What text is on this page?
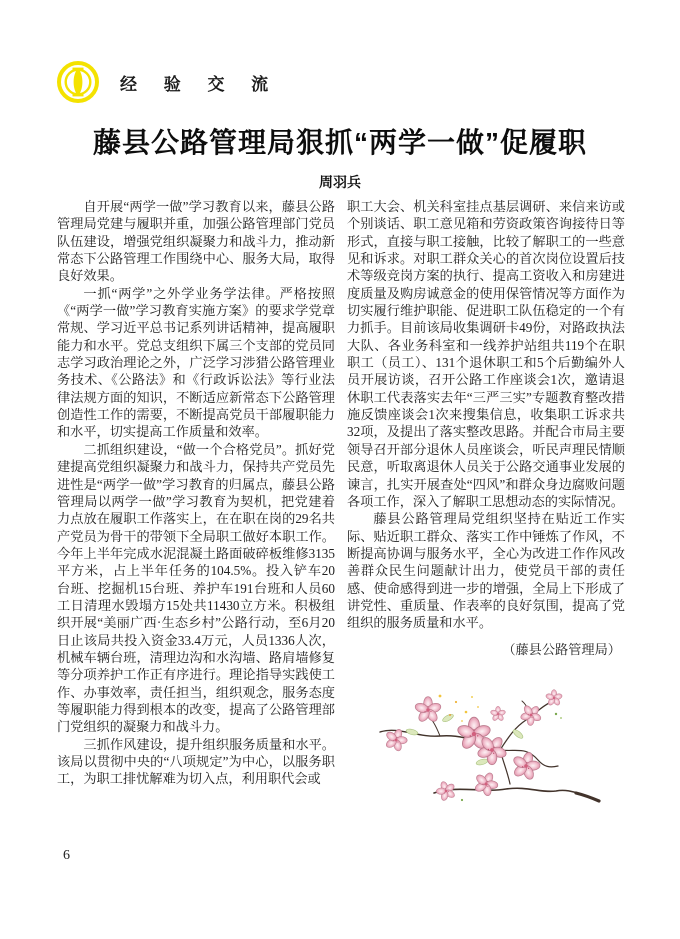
经 验 交 流
藤县公路管理局狠抓“两学一做”促履职
周羽兵

自开展“两学一做”学习教育以来，藤县公路管理局党建与履职并重，加强公路管理部门党员队伍建设，增强党组织凝聚力和战斗力，推动新常态下公路管理工作围绕中心、服务大局，取得良好效果。

一抓“两学”之外学业务学法律。严格按照《“两学一做”学习教育实施方案》的要求学党章常规、学习近平总书记系列讲话精神，提高履职能力和水平。党总支组织下属三个支部的党员同志学习政治理论之外，广泛学习涉猎公路管理业务技术、《公路法》和《行政诉讼法》等行业法律法规方面的知识，不断适应新常态下公路管理创造性工作的需要，不断提高党员干部履职能力和水平，切实提高工作质量和效率。

二抓组织建设，“做一个合格党员”。抓好党建提高党组织凝聚力和战斗力，保持共产党员先进性是“两学一做”学习教育的归属点，藤县公路管理局以两学一做”学习教育为契机，把党建着力点放在履职工作落实上，在在职在岗的29名共产党员为骨干的带领下全局职工做好本职工作。今年上半年完成水泥混凝土路面破碎板维修3135平方米，占上半年任务的104.5%。投入铲车20台班、挖掘机15台班、养护车191台班和人员60 工日清理水毁塌方15处共11430立方米。积极组织开展“美丽广西·生态乡村”公路行动，至6月20日止该局共投入资金33.4万元，人员1336人次，机械车辆台班，清理边沟和水沟墙、路肩墙修复等分项养护工作正有序进行。理论指导实践使工作、办事效率，责任担当，组织观念，服务态度等履职能力得到根本的改变，提高了公路管理部门党组织的凝聚力和战斗力。

三抓作风建设，提升组织服务质量和水平。该局以贯彻中央的“八项规定”为中心，以服务职工，为职工排忧解难为切入点，利用职代会或

职工大会、机关科室挂点基层调研、来信来访或个别谈话、职工意见箱和劳资政策咨询接待日等形式，直接与职工接触，比较了解职工的一些意见和诉求。对职工群众关心的首次岗位设置后技术等级竞岗方案的执行、提高工资收入和房建进度质量及购房诚意金的使用保管情况等方面作为切实履行维护职能、促进职工队伍稳定的一个有力抓手。目前该局收集调研卡49份，对路政执法大队、各业务科室和一线养护站组共119个在职职工（员工）、131个退休职工和5个后勤编外人员开展访谈，召开公路工作座谈会1次，邀请退休职工代表落实去年“三严三实”专题教育整改措施反馈座谈会1次来搜集信息，收集职工诉求共32项，及提出了落实整改思路。并配合市局主要领导召开部分退休人员座谈会，听民声理民情顺民意，听取离退休人员关于公路交通事业发展的谏言，扎实开展查处“四风”和群众身边腐败问题各项工作，深入了解职工思想动态的实际情况。

藤县公路管理局党组织坚持在贴近工作实际、贴近职工群众、落实工作中锤炼了作风，不断提高协调与服务水平，全心为改进工作作风改善群众民生问题献计出力，使党员干部的责任感、使命感得到进一步的增强，全局上下形成了讲党性、重质量、作表率的良好氛围，提高了党组织的服务质量和水平。

（藤县公路管理局）

6
